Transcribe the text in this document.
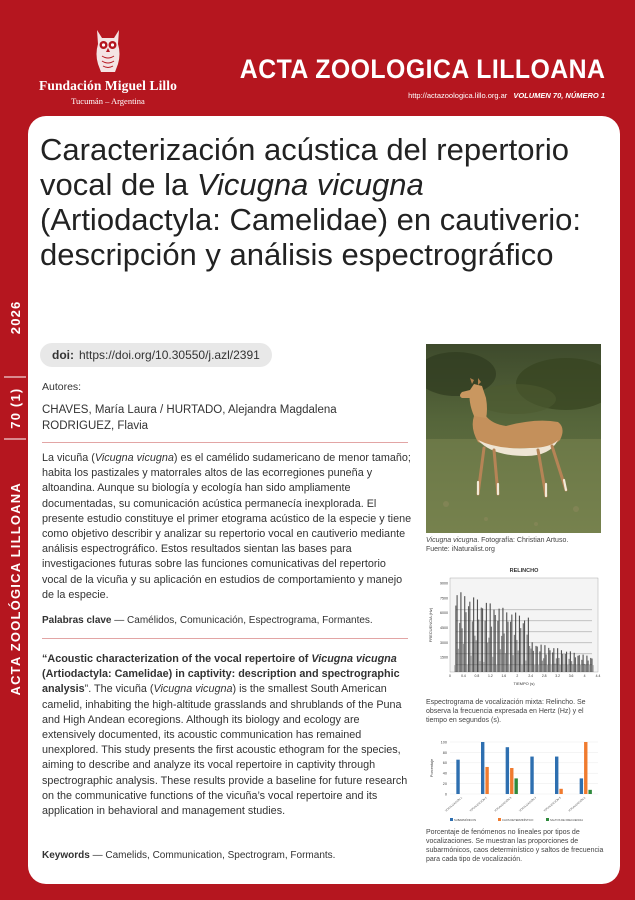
Fundación Miguel Lillo
Tucumán – Argentina
ACTA ZOOLOGICA LILLOANA
http://actazoologica.lillo.org.ar VOLUMEN 70, NÚMERO 1
ACTA ZOOLÓGICA LILLOANA
70 (1)
2026
Caracterización acústica del repertorio vocal de la Vicugna vicugna (Artiodactyla: Camelidae) en cautiverio: descripción y análisis espectrográfico
doi: https://doi.org/10.30550/j.azl/2391
Autores:
CHAVES, María Laura / HURTADO, Alejandra Magdalena
RODRIGUEZ, Flavia

La vicuña (Vicugna vicugna) es el camélido sudamericano de menor tamaño; habita los pastizales y matorrales altos de las ecorregiones puneña y altoandina. Aunque su biología y ecología han sido ampliamente documentadas, su comunicación acústica permanecía inexplorada. El presente estudio constituye el primer etograma acústico de la especie y tiene como objetivo describir y analizar su repertorio vocal en cautiverio mediante análisis espectrográfico. Estos resultados sientan las bases para investigaciones futuras sobre las funciones comunicativas del repertorio vocal de la vicuña y su aplicación en estudios de comportamiento y manejo de la especie.

Palabras clave — Camélidos, Comunicación, Espectrograma, Formantes.

“Acoustic characterization of the vocal repertoire of Vicugna vicugna (Artiodactyla: Camelidae) in captivity: description and spectrographic analysis”. The vicuña (Vicugna vicugna) is the smallest South American camelid, inhabiting the high-altitude grasslands and shrublands of the Puna and High Andean ecoregions. Although its biology and ecology are extensively documented, its acoustic communication has remained unexplored. This study presents the first acoustic ethogram for the species, aiming to describe and analyze its vocal repertoire in captivity through spectrographic analysis. These results provide a baseline for future research on the communicative functions of the vicuña’s vocal repertoire and its application in behavioral and management studies.

Keywords — Camelids, Communication, Spectrogram, Formants.
Vicugna vicugna. Fotografía: Christian Artuso.
Fuente: iNaturalist.org
RELINCHO
1500
3000
4500
6000
7500
9000
0	0.4	0.8	1.2	1.6	2	2.4	2.8	3.2	3.6	4	4.4
TIEMPO (s)
FRECUENCIA (Hz)
Espectrograma de vocalización mixta: Relincho. Se observa la frecuencia expresada en Hertz (Hz) y el tiempo en segundos (s).
0
20
40
60
80
100
Porcentaje
VOCALIZACIÓN 1	VOCALIZACIÓN 2	VOCALIZACIÓN 3	VOCALIZACIÓN 4	VOCALIZACIÓN 5	VOCALIZACIÓN 6
SUBARMÓNICOS	CAOS DETERMINÍSTICO	SALTOS DE FRECUENCIA
Porcentaje de fenómenos no lineales por tipos de vocalizaciones. Se muestran las proporciones de subarmónicos, caos determinístico y saltos de frecuencia para cada tipo de vocalización.
